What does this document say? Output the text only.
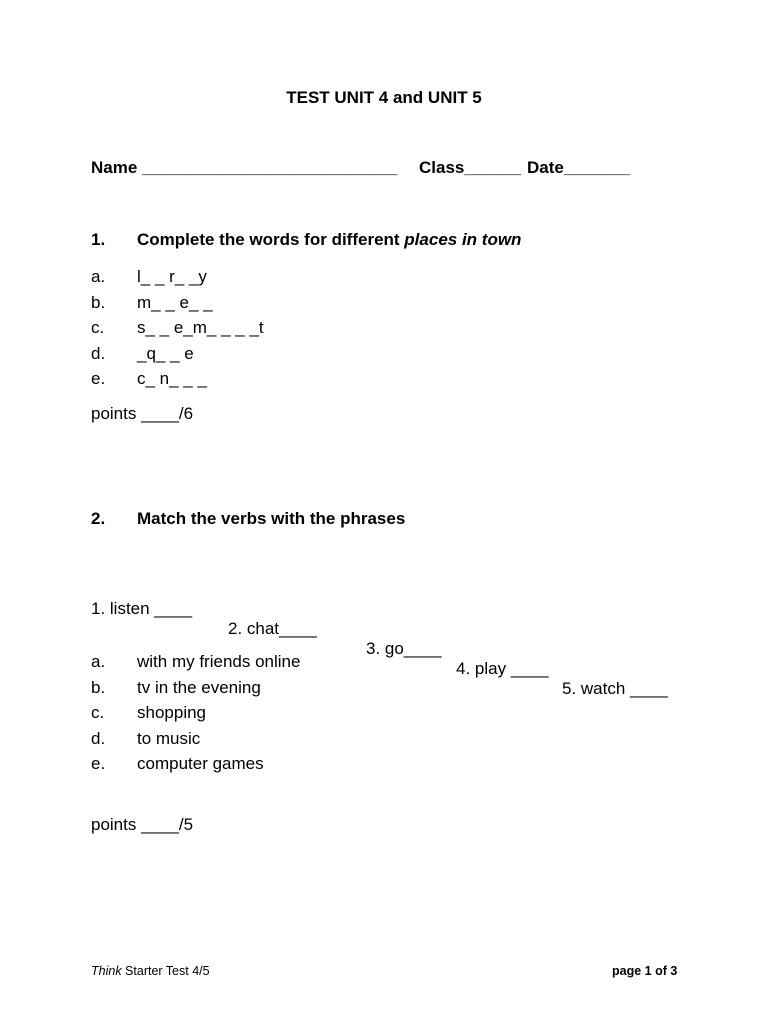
TEST UNIT 4 and UNIT 5
Name ___________________________ Class______ Date_______
1. Complete the words for different places in town
a. l_ _ r_ _y
b. m_ _ e_ _
c. s_ _ e_m_ _ _ _t
d. _q_ _ e
e. c_ n_ _ _
points ____/6
2. Match the verbs with the phrases

1. listen ____

2. chat____

3. go____

4. play ____

5. watch ____

a. with my friends online
b. tv in the evening
c. shopping
d. to music
e. computer games
points ____/5
Think Starter Test 4/5	page 1 of 3
